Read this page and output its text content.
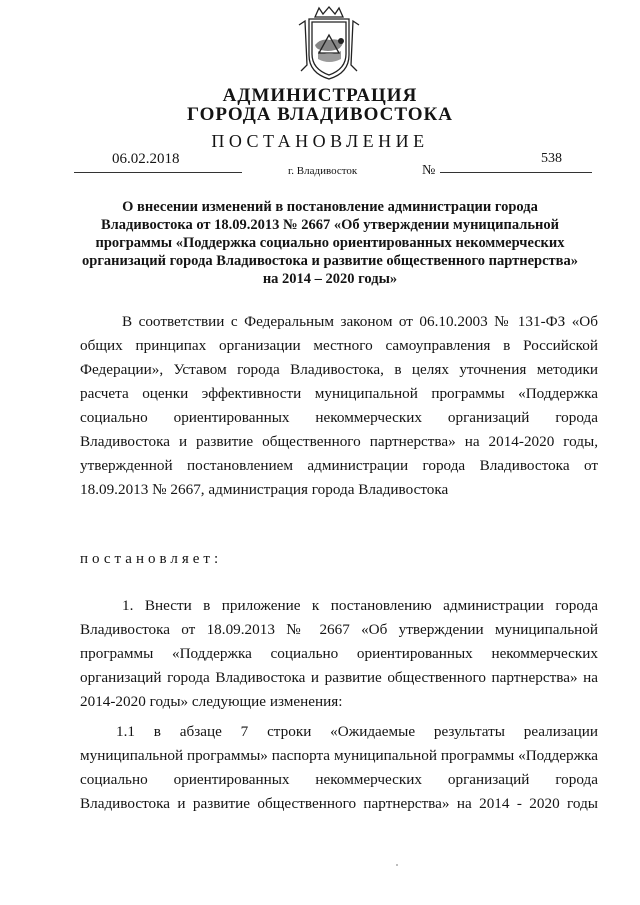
АДМИНИСТРАЦИЯ
ГОРОДА ВЛАДИВОСТОКА
ПОСТАНОВЛЕНИЕ
06.02.2018
г. Владивосток	№
538
О внесении изменений в постановление администрации города
Владивостока от 18.09.2013 № 2667 «Об утверждении муниципальной
программы «Поддержка социально ориентированных некоммерческих
организаций города Владивостока и развитие общественного партнерства»
на 2014 – 2020 годы»
В соответствии с Федеральным законом от 06.10.2003 № 131-ФЗ «Об
общих принципах организации местного самоуправления в Российской
Федерации», Уставом города Владивостока, в целях уточнения методики
расчета оценки эффективности муниципальной программы «Поддержка
социально ориентированных некоммерческих организаций города
Владивостока и развитие общественного партнерства» на 2014-2020 годы,
утвержденной постановлением администрации города Владивостока от
18.09.2013 № 2667, администрация города Владивостока
постановляет:
1. Внести в приложение к постановлению администрации города
Владивостока от 18.09.2013 № 2667 «Об утверждении муниципальной
программы «Поддержка социально ориентированных некоммерческих
организаций города Владивостока и развитие общественного партнерства» на
2014-2020 годы» следующие изменения:
1.1 в абзаце 7 строки «Ожидаемые результаты реализации
муниципальной программы» паспорта муниципальной программы «Поддержка
социально ориентированных некоммерческих организаций города
Владивостока и развитие общественного партнерства» на 2014 - 2020 годы
